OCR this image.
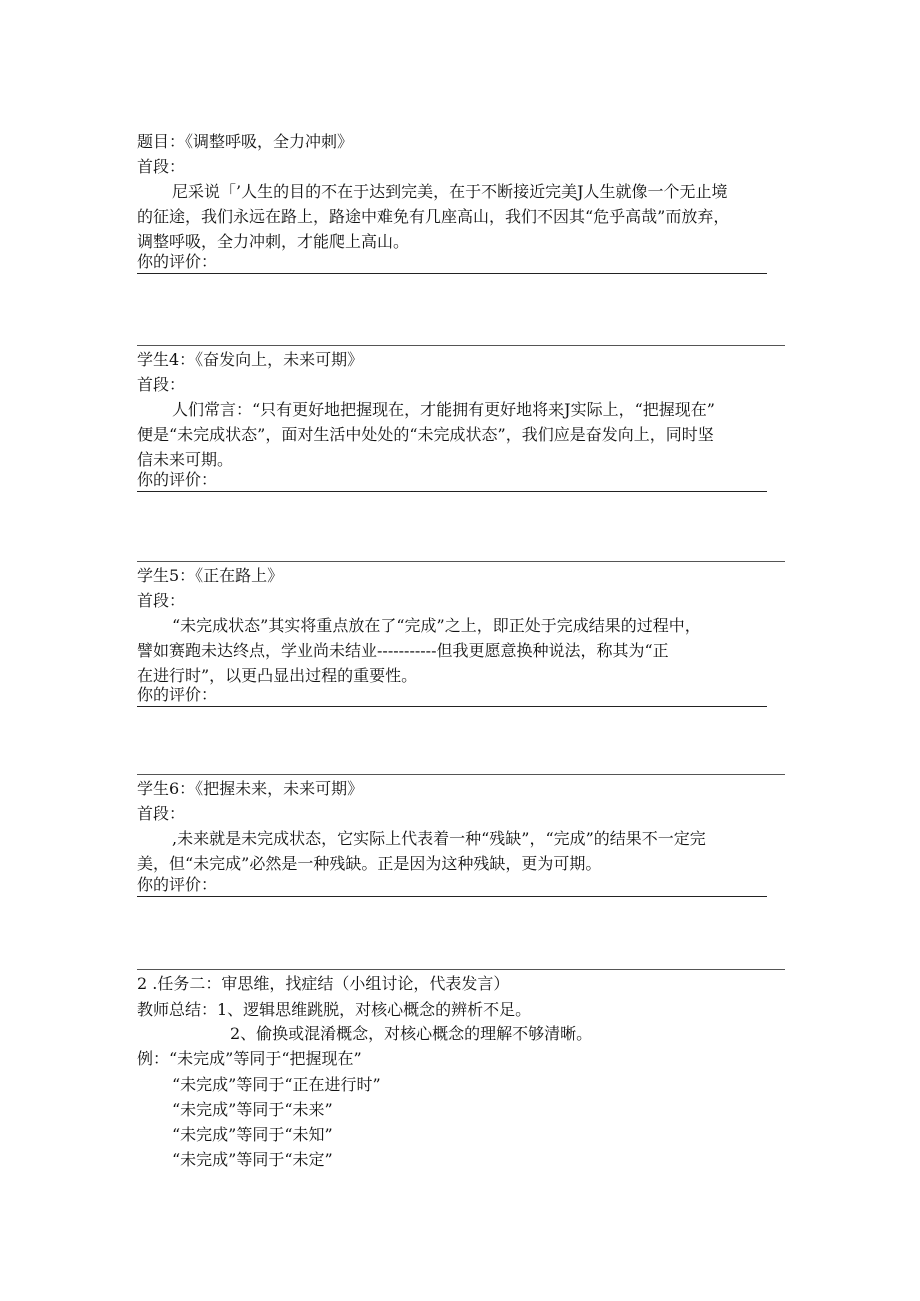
题目：《调整呼吸，全力冲刺》
首段：
尼采说「’人生的目的不在于达到完美，在于不断接近完美J人生就像一个无止境
的征途，我们永远在路上，路途中难免有几座高山，我们不因其“危乎高哉”而放弃，
调整呼吸，全力冲刺，才能爬上高山。
你的评价：
学生4：《奋发向上，未来可期》
首段：
人们常言：“只有更好地把握现在，才能拥有更好地将来J实际上，“把握现在”
便是“未完成状态”，面对生活中处处的“未完成状态”，我们应是奋发向上，同时坚
信未来可期。
你的评价：
学生5：《正在路上》
首段：
“未完成状态”其实将重点放在了“完成”之上，即正处于完成结果的过程中，
譬如赛跑未达终点，学业尚未结业-----------但我更愿意换种说法，称其为“正
在进行时”，以更凸显出过程的重要性。
你的评价：
学生6：《把握未来，未来可期》
首段：
,未来就是未完成状态，它实际上代表着一种“残缺”，“完成”的结果不一定完
美，但“未完成”必然是一种残缺。正是因为这种残缺，更为可期。
你的评价：
2 .任务二：审思维，找症结（小组讨论，代表发言）
教师总结：1、逻辑思维跳脱，对核心概念的辨析不足。
2、偷换或混淆概念，对核心概念的理解不够清晰。
例：“未完成”等同于“把握现在”
“未完成”等同于“正在进行时”
“未完成”等同于“未来”
“未完成”等同于“未知”
“未完成”等同于“未定”
